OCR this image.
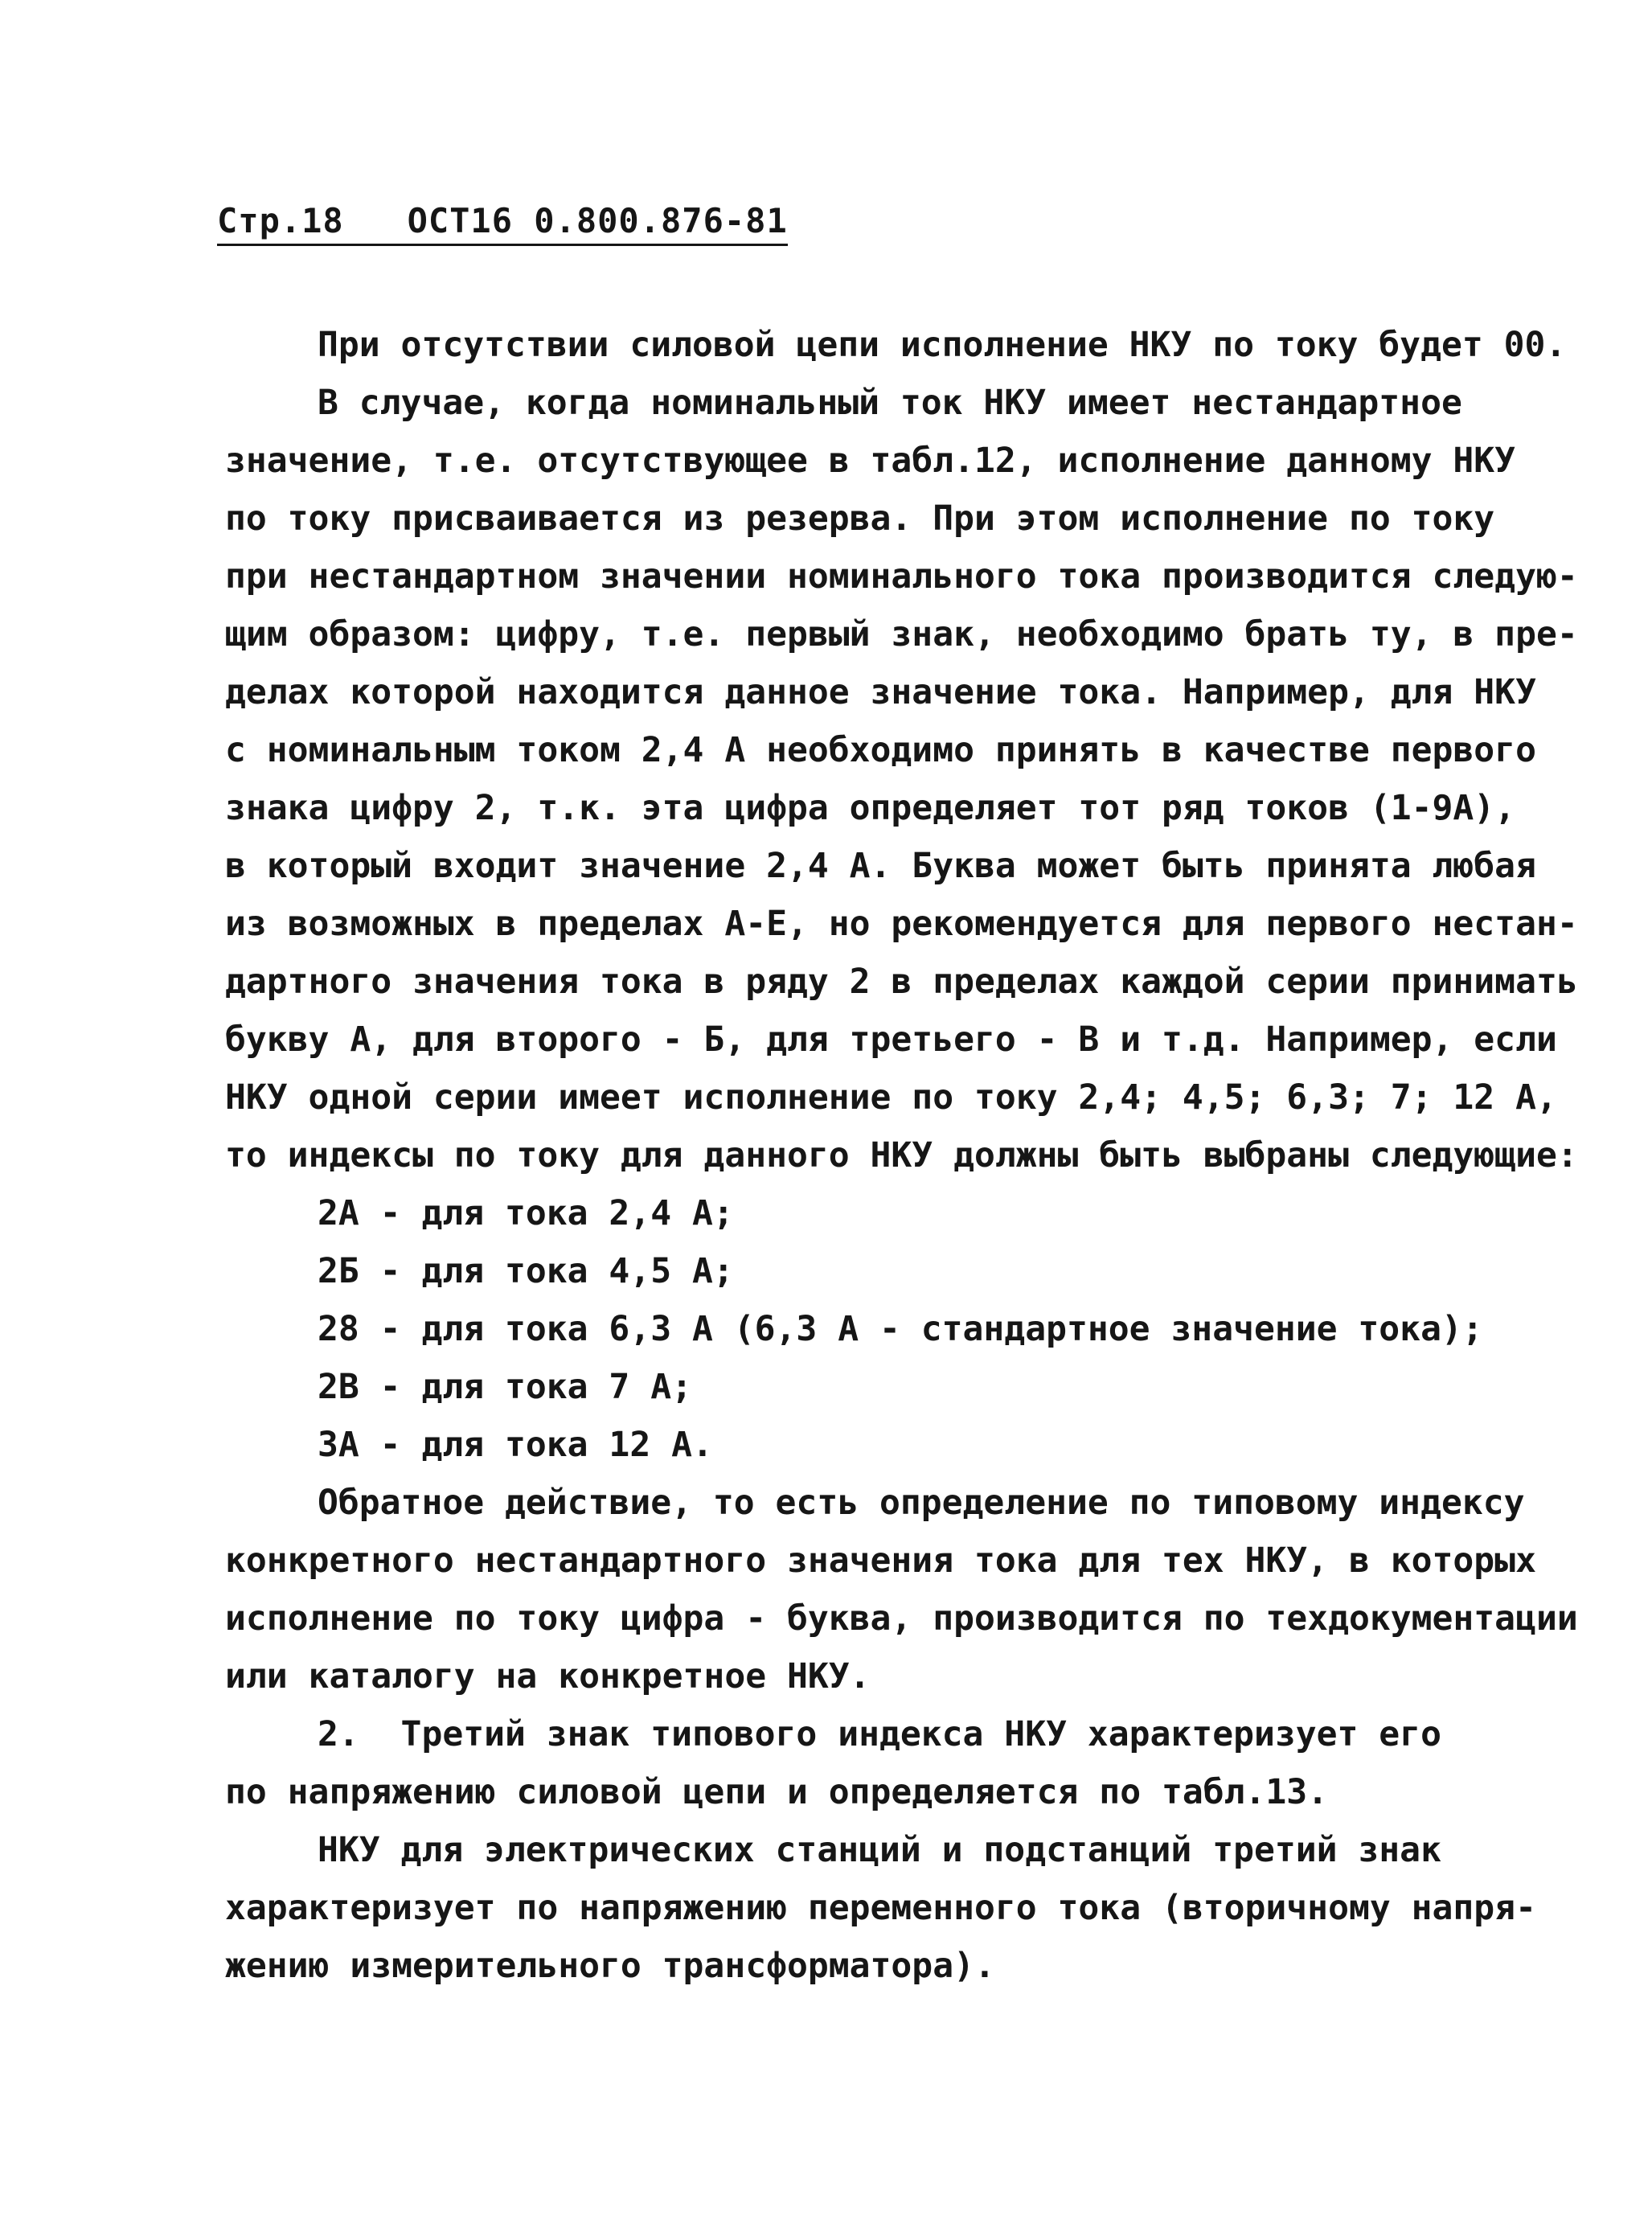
Стр.18   ОСТ16 0.800.876-81
При отсутствии силовой цепи исполнение НКУ по току будет 00.
В случае, когда номинальный ток НКУ имеет нестандартное
значение, т.е. отсутствующее в табл.12, исполнение данному НКУ
по току присваивается из резерва. При этом исполнение по току
при нестандартном значении номинального тока производится следую-
щим образом: цифру, т.е. первый знак, необходимо брать ту, в пре-
делах которой находится данное значение тока. Например, для НКУ
с номинальным током 2,4 А необходимо принять в качестве первого
знака цифру 2, т.к. эта цифра определяет тот ряд токов (1-9А),
в который входит значение 2,4 А. Буква может быть принята любая
из возможных в пределах А-Е, но рекомендуется для первого нестан-
дартного значения тока в ряду 2 в пределах каждой серии принимать
букву А, для второго - Б, для третьего - В и т.д. Например, если
НКУ одной серии имеет исполнение по току 2,4; 4,5; 6,3; 7; 12 А,
то индексы по току для данного НКУ должны быть выбраны следующие:
2А - для тока 2,4 А;
2Б - для тока 4,5 А;
28 - для тока 6,3 А (6,3 А - стандартное значение тока);
2В - для тока 7 А;
3А - для тока 12 А.
Обратное действие, то есть определение по типовому индексу
конкретного нестандартного значения тока для тех НКУ, в которых
исполнение по току цифра - буква, производится по техдокументации
или каталогу на конкретное НКУ.
2.  Третий знак типового индекса НКУ характеризует его
по напряжению силовой цепи и определяется по табл.13.
НКУ для электрических станций и подстанций третий знак
характеризует по напряжению переменного тока (вторичному напря-
жению измерительного трансформатора).
